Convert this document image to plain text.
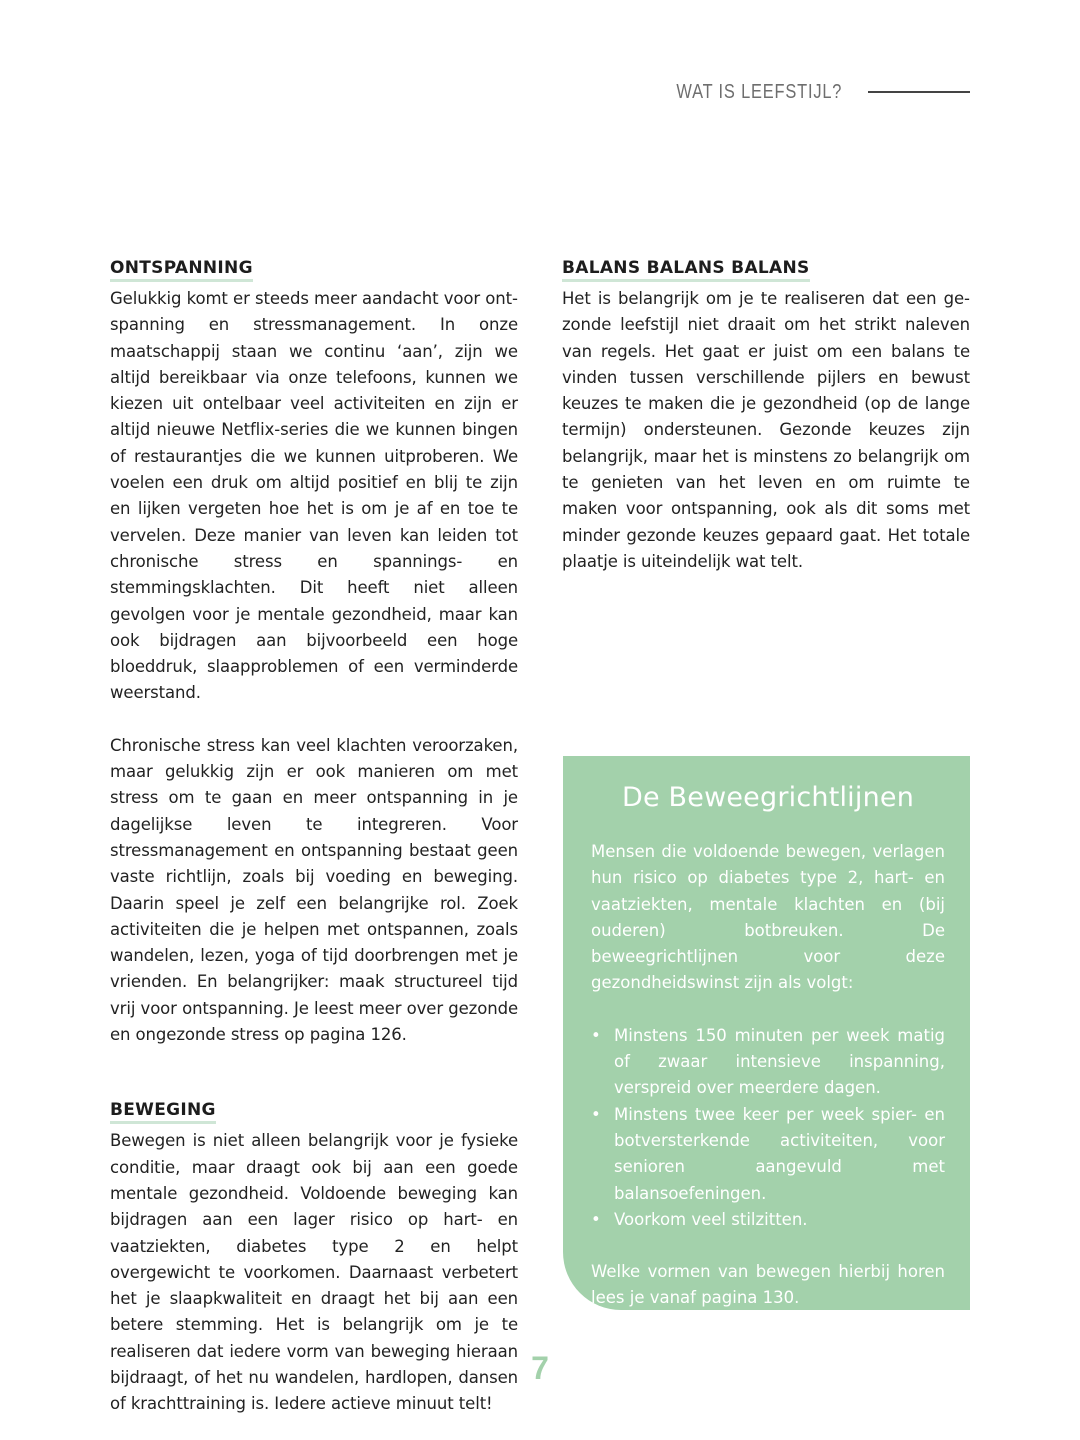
WAT IS LEEFSTIJL?
ONTSPANNING

Gelukkig komt er steeds meer aandacht voor ontspanning en stressmanagement. In onze maatschappij staan we continu ‘aan’, zijn we altijd bereikbaar via onze telefoons, kunnen we kiezen uit ontelbaar veel activiteiten en zijn er altijd nieuwe Netflix-series die we kunnen bingen of restaurantjes die we kunnen uitproberen. We voelen een druk om altijd positief en blij te zijn en lijken vergeten hoe het is om je af en toe te vervelen. Deze manier van leven kan leiden tot chronische stress en spannings- en stemmingsklachten. Dit heeft niet alleen gevolgen voor je mentale gezondheid, maar kan ook bijdragen aan bijvoorbeeld een hoge bloeddruk, slaapproblemen of een verminderde weerstand.

Chronische stress kan veel klachten veroorzaken, maar gelukkig zijn er ook manieren om met stress om te gaan en meer ontspanning in je dagelijkse leven te integreren. Voor stressmanagement en ontspanning bestaat geen vaste richtlijn, zoals bij voeding en beweging. Daarin speel je zelf een belangrijke rol. Zoek activiteiten die je helpen met ontspannen, zoals wandelen, lezen, yoga of tijd doorbrengen met je vrienden. En belangrijker: maak structureel tijd vrij voor ontspanning. Je leest meer over gezonde en ongezonde stress op pagina 126.

BEWEGING

Bewegen is niet alleen belangrijk voor je fysieke conditie, maar draagt ook bij aan een goede mentale gezondheid. Voldoende beweging kan bijdragen aan een lager risico op hart- en vaatziekten, diabetes type 2 en helpt overgewicht te voorkomen. Daarnaast verbetert het je slaapkwaliteit en draagt het bij aan een betere stemming. Het is belangrijk om je te realiseren dat iedere vorm van beweging hieraan bijdraagt, of het nu wandelen, hardlopen, dansen of krachttraining is. Iedere actieve minuut telt!

BALANS BALANS BALANS

Het is belangrijk om je te realiseren dat een gezonde leefstijl niet draait om het strikt naleven van regels. Het gaat er juist om een balans te vinden tussen verschillende pijlers en bewust keuzes te maken die je gezondheid (op de lange termijn) ondersteunen. Gezonde keuzes zijn belangrijk, maar het is minstens zo belangrijk om te genieten van het leven en om ruimte te maken voor ontspanning, ook als dit soms met minder gezonde keuzes gepaard gaat. Het totale plaatje is uiteindelijk wat telt.

De Beweegrichtlijnen

Mensen die voldoende bewegen, verlagen hun risico op diabetes type 2, hart- en vaatziekten, mentale klachten en (bij ouderen) botbreuken. De beweegrichtlijnen voor deze gezondheidswinst zijn als volgt:

• Minstens 150 minuten per week matig of zwaar intensieve inspanning, verspreid over meerdere dagen.
• Minstens twee keer per week spier- en botversterkende activiteiten, voor senioren aangevuld met balansoefeningen.
• Voorkom veel stilzitten.

Welke vormen van bewegen hierbij horen lees je vanaf pagina 130.

7
